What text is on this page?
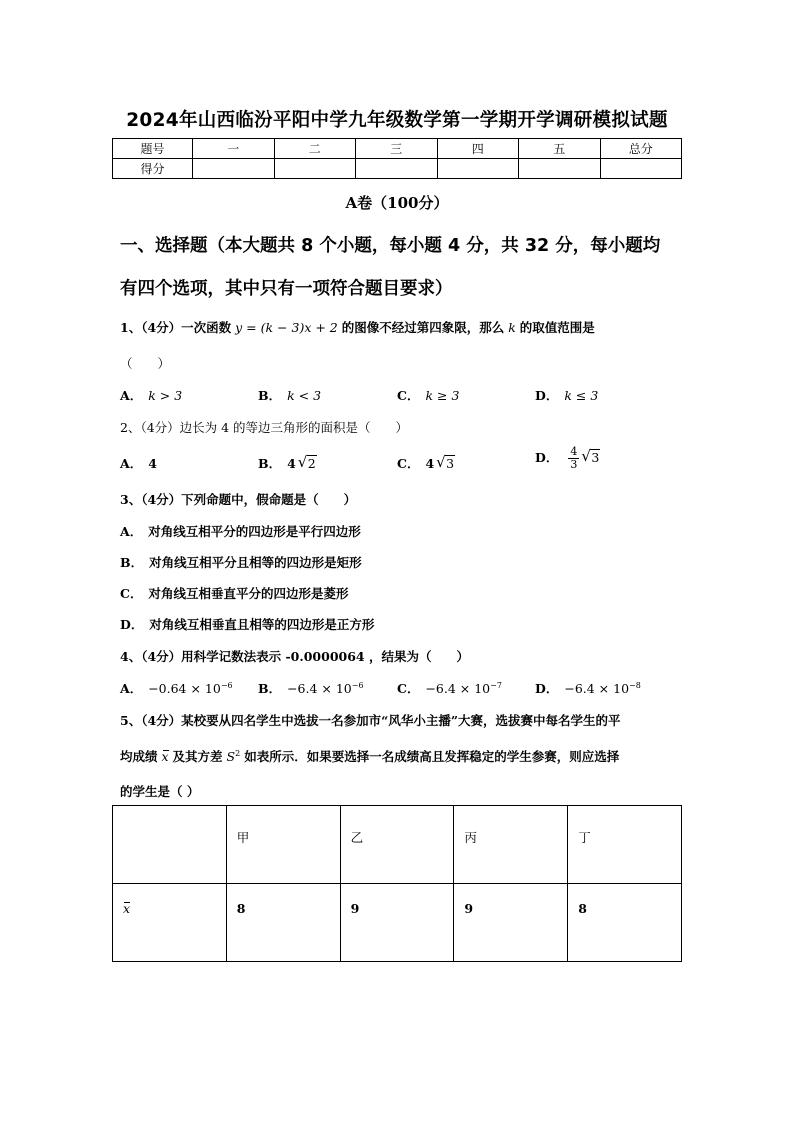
2024年山西临汾平阳中学九年级数学第一学期开学调研模拟试题
题号	一	二	三	四	五	总分
得分						
A卷（100分）
一、选择题（本大题共 8 个小题，每小题 4 分，共 32 分，每小题均
有四个选项，其中只有一项符合题目要求）
1、（4分）一次函数 y = (k − 3)x + 2 的图像不经过第四象限，那么 k 的取值范围是
（　　）
A． k > 3	B． k < 3	C． k ≥ 3	D． k ≤ 3
2、（4分）边长为 4 的等边三角形的面积是（　　）
A． 4	B． 4 √ 2	C． 4 √ 3	D． $\frac{4}{3}$ √ 3
3、（4分）下列命题中，假命题是（　　）
A． 对角线互相平分的四边形是平行四边形
B． 对角线互相平分且相等的四边形是矩形
C． 对角线互相垂直平分的四边形是菱形
D． 对角线互相垂直且相等的四边形是正方形
4、（4分）用科学记数法表示 -0.0000064 ，结果为（　　）
A． $-0.64 \times 10^{-6}$ B． $-6.4 \times 10^{-6}$	C． $-6.4 \times 10^{-7}$	D． $-6.4 \times 10^{-8}$
5、（4分）某校要从四名学生中选拔一名参加市“风华小主播”大赛，选拔赛中每名学生的平
均成绩 x 及其方差 $S^2$ 如表所示．如果要选择一名成绩高且发挥稳定的学生参赛，则应选择
的学生是（ ）
	甲	乙	丙	丁
x	8	9	9	8
